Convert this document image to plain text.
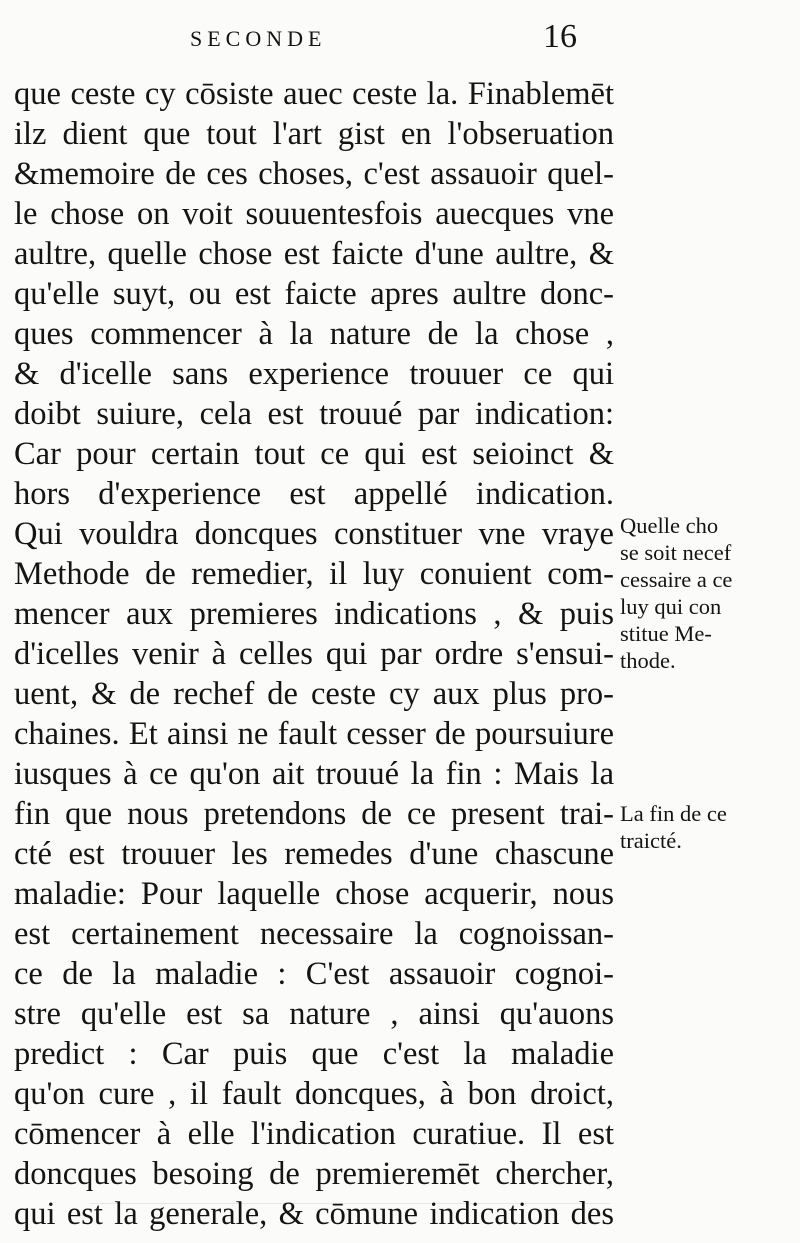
SECONDE	16
que ceste cy cōsiste auec ceste la. Finablemēt
ilz dient que tout l'art gist en l'obseruation
&memoire de ces choses, c'est assauoir quel-
le chose on voit souuentesfois auecques vne
aultre, quelle chose est faicte d'une aultre, &
qu'elle suyt, ou est faicte apres aultre donc-
ques commencer à la nature de la chose ,
& d'icelle sans experience trouuer ce qui
doibt suiure, cela est trouué par indication:
Car pour certain tout ce qui est seioinct &
hors d'experience est appellé indication.
Qui vouldra doncques constituer vne vraye
Methode de remedier, il luy conuient com-
mencer aux premieres indications , & puis
d'icelles venir à celles qui par ordre s'ensui-
uent, & de rechef de ceste cy aux plus pro-
chaines. Et ainsi ne fault cesser de poursuiure
iusques à ce qu'on ait trouué la fin : Mais la
fin que nous pretendons de ce present trai-
cté est trouuer les remedes d'une chascune
maladie: Pour laquelle chose acquerir, nous
est certainement necessaire la cognoissan-
ce de la maladie : C'est assauoir cognoi-
stre qu'elle est sa nature , ainsi qu'auons
predict : Car puis que c'est la maladie
qu'on cure , il fault doncques, à bon droict,
cōmencer à elle l'indication curatiue. Il est
doncques besoing de premieremēt chercher,
qui est la generale, & cōmune indication des
Quelle cho
se soit necef
cessaire a ce
luy qui con
stitue Me-
thode.
La fin de ce
traicté.
